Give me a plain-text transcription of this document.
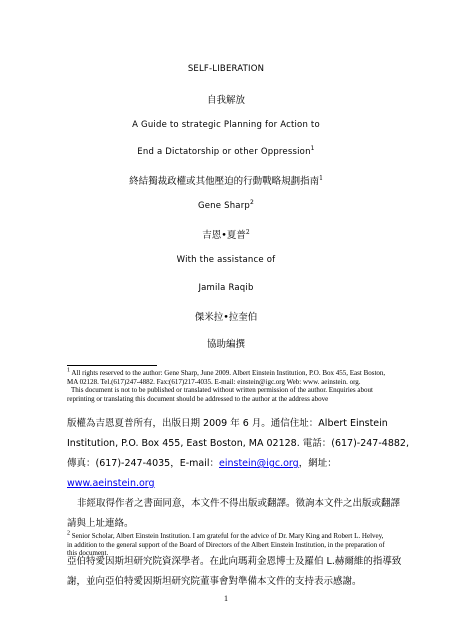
SELF-LIBERATION
自我解放
A Guide to strategic Planning for Action to
End a Dictatorship or other Oppression$^1$
終結獨裁政權或其他壓迫的行動戰略規劃指南$^1$
Gene Sharp$^2$
吉恩•夏普$^2$
With the assistance of
Jamila Raqib
傑米拉•拉奎伯
協助編撰

$^1$ All rights reserved to the author: Gene Sharp, June 2009. Albert Einstein Institution, P.O. Box 455, East Boston, MA 02128. Tel.(617)247-4882. Fax:(617)217-4035. E-mail: einstein@igc.org Web: www. aeinstein. org.

This document is not to be published or translated without written permission of the author. Enquiries about reprinting or translating this document should be addressed to the author at the address above

版權為吉恩夏普所有，出版日期 2009 年 6 月。通信住址：Albert Einstein

Institution, P.O. Box 455, East Boston, MA 02128. 電話：(617)-247-4882,

傳真：(617)-247-4035，E-mail：einstein@igc.org，網址：

www.aeinstein.org

非經取得作者之書面同意，本文件不得出版或翻譯。徵詢本文件之出版或翻譯

請與上址連絡。

$^2$ Senior Scholar, Albert Einstein Institution. I am grateful for the advice of Dr. Mary King and Robert L. Helvey, in addition to the general support of the Board of Directors of the Albert Einstein Institution, in the preparation of this document.

亞伯特愛因斯坦研究院資深學者。在此向瑪莉金恩博士及羅伯 L.赫爾維的指導致

謝，並向亞伯特愛因斯坦研究院董事會對準備本文件的支持表示感謝。

1
